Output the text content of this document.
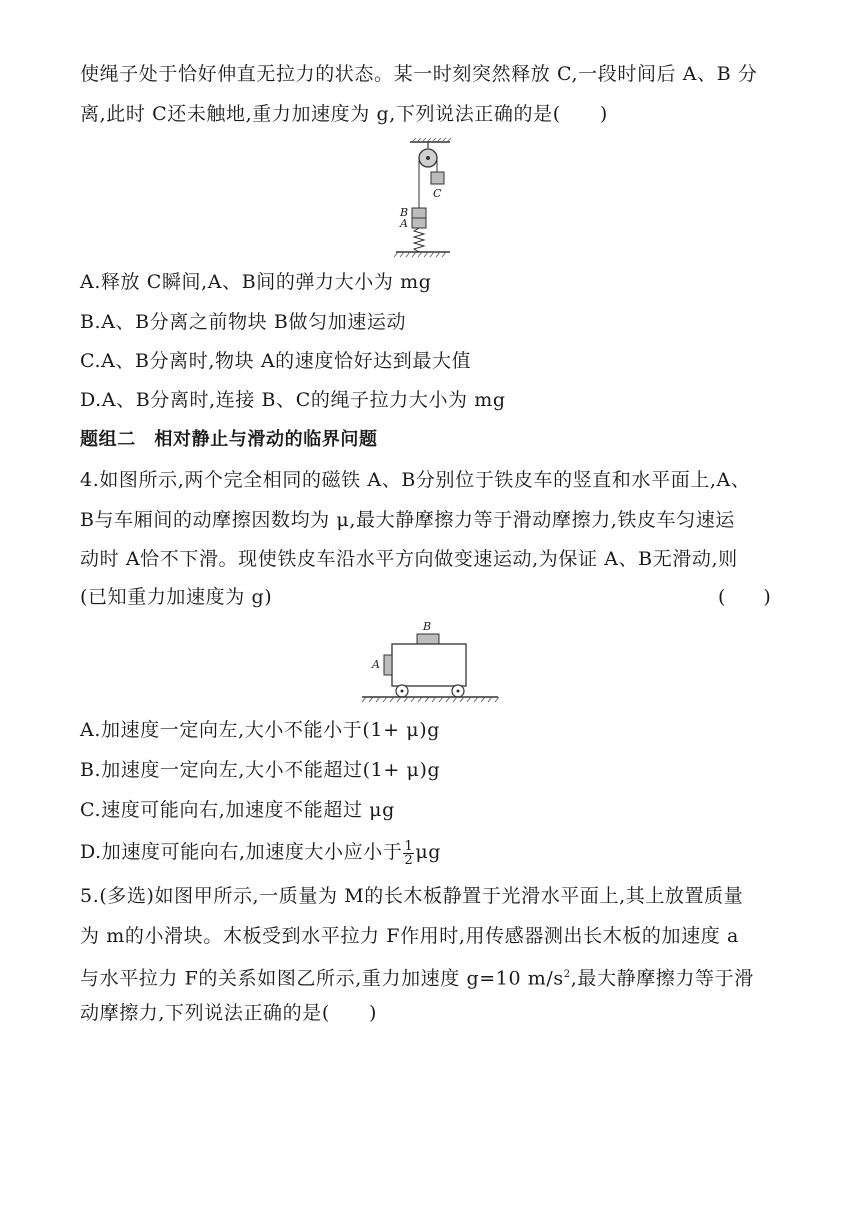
使绳子处于恰好伸直无拉力的状态。某一时刻突然释放 C,一段时间后 A、B 分
离,此时 C还未触地,重力加速度为 g,下列说法正确的是(　　)
C
B
A
A.释放 C瞬间,A、B间的弹力大小为 mg
B.A、B分离之前物块 B做匀加速运动
C.A、B分离时,物块 A的速度恰好达到最大值
D.A、B分离时,连接 B、C的绳子拉力大小为 mg
题组二　相对静止与滑动的临界问题
4.如图所示,两个完全相同的磁铁 A、B分别位于铁皮车的竖直和水平面上,A、
B与车厢间的动摩擦因数均为 μ,最大静摩擦力等于滑动摩擦力,铁皮车匀速运
动时 A恰不下滑。现使铁皮车沿水平方向做变速运动,为保证 A、B无滑动,则
(已知重力加速度为 g)	(　　)
B
A
A.加速度一定向左,大小不能小于(1+ μ)g
B.加速度一定向左,大小不能超过(1+ μ)g
C.速度可能向右,加速度不能超过 μg
D.加速度可能向右,加速度大小应小于 $\frac{1}{2}$ μg
5.(多选)如图甲所示,一质量为 M的长木板静置于光滑水平面上,其上放置质量
为 m的小滑块。木板受到水平拉力 F作用时,用传感器测出长木板的加速度 a
与水平拉力 F的关系如图乙所示,重力加速度 g=10 $m/s^2$,最大静摩擦力等于滑
动摩擦力,下列说法正确的是(　　)
